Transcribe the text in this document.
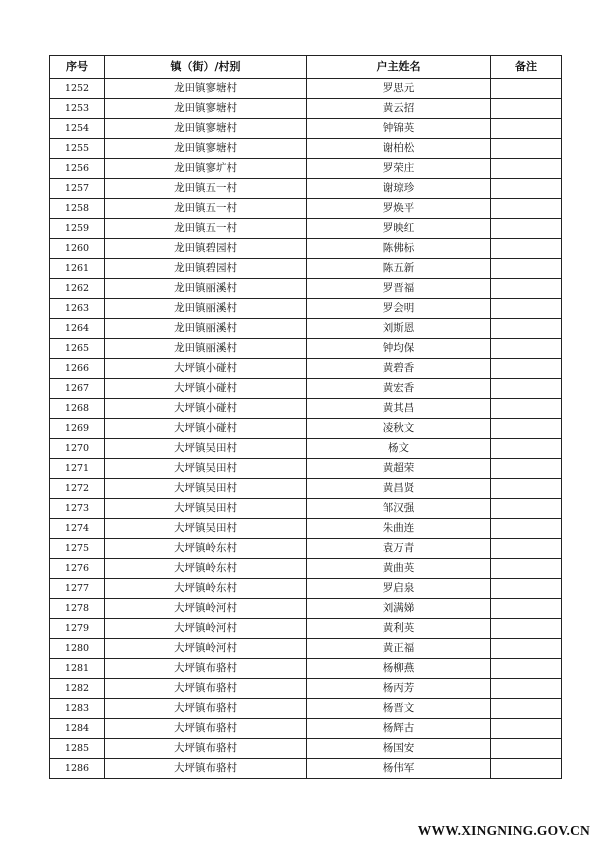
序号	镇（街）/村别	户主姓名	备注
1252	龙田镇寥塘村	罗思元	
1253	龙田镇寥塘村	黄云招	
1254	龙田镇寥塘村	钟锦英	
1255	龙田镇寥塘村	谢柏松	
1256	龙田镇寥圹村	罗荣庄	
1257	龙田镇五一村	谢琼珍	
1258	龙田镇五一村	罗焕平	
1259	龙田镇五一村	罗映红	
1260	龙田镇碧园村	陈佛标	
1261	龙田镇碧园村	陈五新	
1262	龙田镇丽溪村	罗晋福	
1263	龙田镇丽溪村	罗会明	
1264	龙田镇丽溪村	刘斯恩	
1265	龙田镇丽溪村	钟均保	
1266	大坪镇小碰村	黄碧香	
1267	大坪镇小碰村	黄宏香	
1268	大坪镇小碰村	黄其昌	
1269	大坪镇小碰村	凌秋文	
1270	大坪镇吴田村	杨文	
1271	大坪镇吴田村	黄超荣	
1272	大坪镇吴田村	黄昌贤	
1273	大坪镇吴田村	邹汉强	
1274	大坪镇吴田村	朱曲连	
1275	大坪镇岭东村	袁万青	
1276	大坪镇岭东村	黄曲英	
1277	大坪镇岭东村	罗启泉	
1278	大坪镇岭河村	刘满娣	
1279	大坪镇岭河村	黄利英	
1280	大坪镇岭河村	黄正福	
1281	大坪镇布骆村	杨柳燕	
1282	大坪镇布骆村	杨丙芳	
1283	大坪镇布骆村	杨晋文	
1284	大坪镇布骆村	杨辉古	
1285	大坪镇布骆村	杨国安	
1286	大坪镇布骆村	杨伟军	
WWW.XINGNING.GOV.CN
